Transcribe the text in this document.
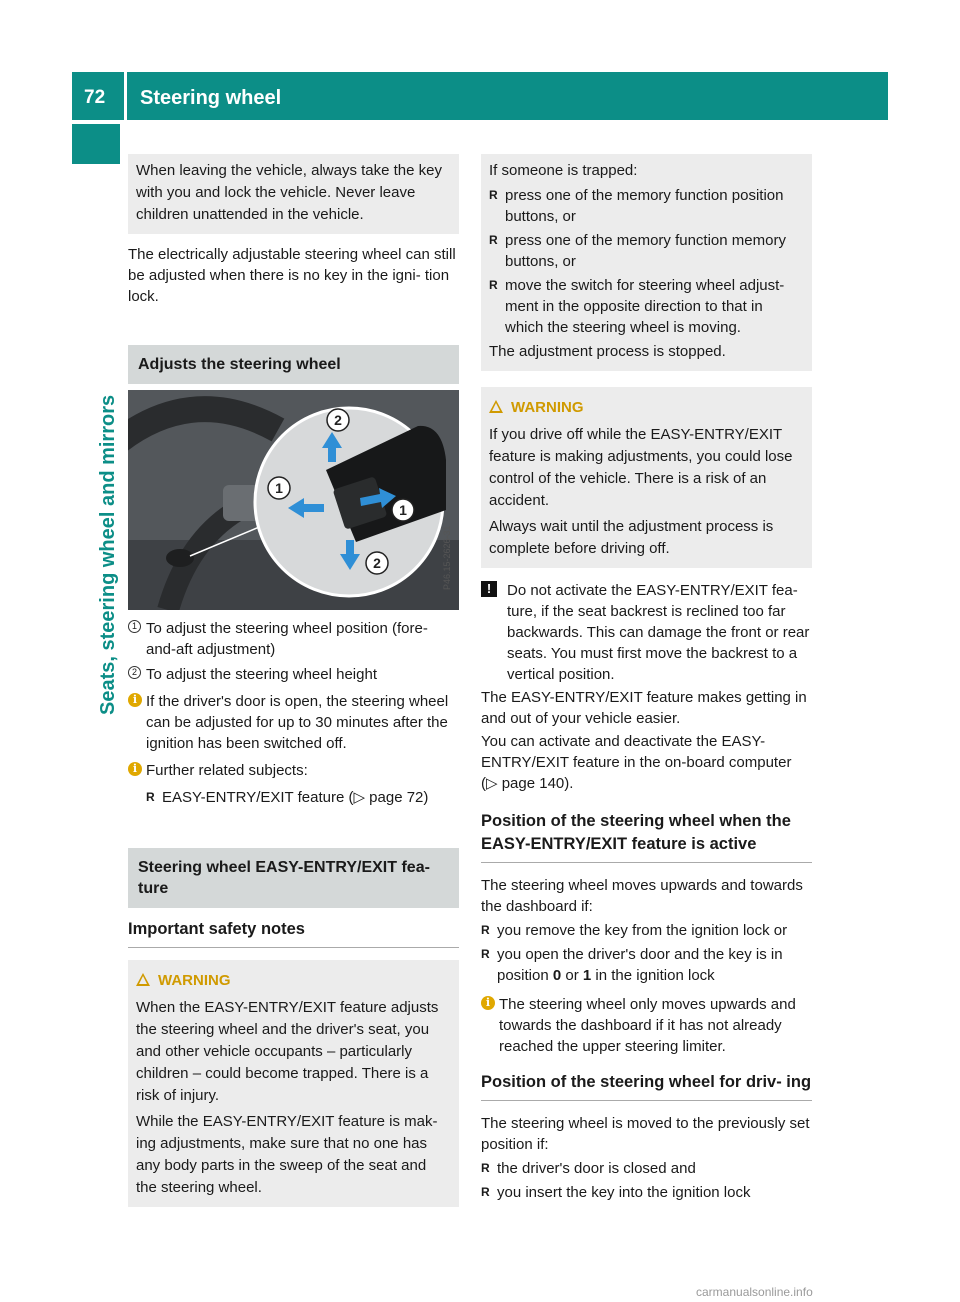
72 Steering wheel
Seats, steering wheel and mirrors

When leaving the vehicle, always take the key with you and lock the vehicle. Never leave children unattended in the vehicle.

The electrically adjustable steering wheel can still be adjusted when there is no key in the igni- tion lock.

Adjusts the steering wheel
2
1
1
2	P46.15-2626-31
1 To adjust the steering wheel position (fore- and-aft adjustment)
2 To adjust the steering wheel height
i If the driver's door is open, the steering wheel can be adjusted for up to 30 minutes after the ignition has been switched off.
i Further related subjects:
R EASY-ENTRY/EXIT feature (▷ page 72)
Steering wheel EASY-ENTRY/EXIT fea- ture
Important safety notes
WARNING

When the EASY-ENTRY/EXIT feature adjusts the steering wheel and the driver's seat, you and other vehicle occupants – particularly children – could become trapped. There is a risk of injury.

While the EASY-ENTRY/EXIT feature is mak- ing adjustments, make sure that no one has any body parts in the sweep of the seat and the steering wheel.

If someone is trapped:

R press one of the memory function position buttons, or
R press one of the memory function memory buttons, or
R move the switch for steering wheel adjust- ment in the opposite direction to that in which the steering wheel is moving.

The adjustment process is stopped.

WARNING

If you drive off while the EASY-ENTRY/EXIT feature is making adjustments, you could lose control of the vehicle. There is a risk of an accident.

Always wait until the adjustment process is complete before driving off.

!	Do not activate the EASY-ENTRY/EXIT fea- ture, if the seat backrest is reclined too far backwards. This can damage the front or rear seats. You must first move the backrest to a vertical position.

The EASY-ENTRY/EXIT feature makes getting in and out of your vehicle easier.

You can activate and deactivate the EASY- ENTRY/EXIT feature in the on-board computer (▷ page 140).

Position of the steering wheel when the EASY-ENTRY/EXIT feature is active

The steering wheel moves upwards and towards the dashboard if:

R you remove the key from the ignition lock or
R you open the driver's door and the key is in position 0 or 1 in the ignition lock
i The steering wheel only moves upwards and towards the dashboard if it has not already reached the upper steering limiter.
Position of the steering wheel for driv- ing

The steering wheel is moved to the previously set position if:

R the driver's door is closed and
R you insert the key into the ignition lock
carmanualsonline.info
